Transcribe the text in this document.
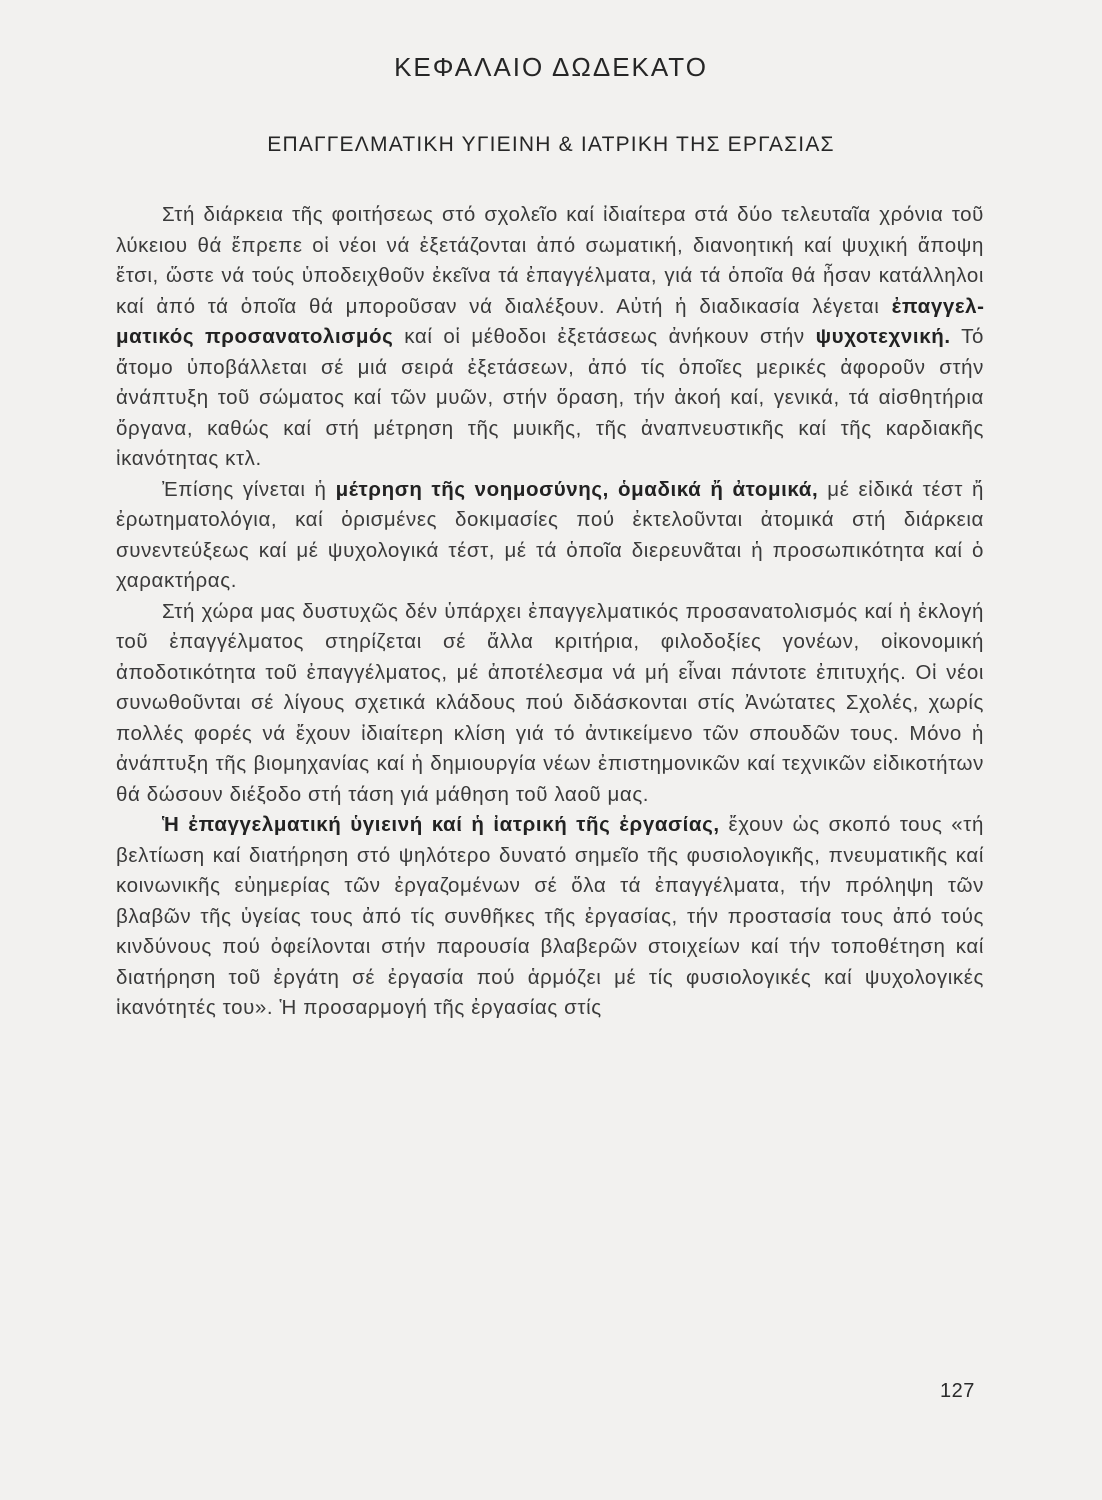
ΚΕΦΑΛΑΙΟ ΔΩΔΕΚΑΤΟ
ΕΠΑΓΓΕΛΜΑΤΙΚΗ ΥΓΙΕΙΝΗ & ΙΑΤΡΙΚΗ ΤΗΣ ΕΡΓΑΣΙΑΣ

Στή διάρκεια τῆς φοιτήσεως στό σχολεῖο καί ἰδιαίτερα στά δύο τελευταῖα χρόνια τοῦ λύκειου θά ἔπρεπε οἱ νέοι νά ἐξετάζονται ἀπό σωματική, διανοητική καί ψυχική ἄποψη ἔτσι, ὥστε νά τούς ὑποδειχθοῦν ἐκεῖνα τά ἐπαγγέλματα, γιά τά ὁποῖα θά ἦσαν κατάλληλοι καί ἀπό τά ὁποῖα θά μποροῦσαν νά διαλέξουν. Αὐτή ἡ διαδικασία λέγεται ἐπαγγελματικός προσανατολισμός καί οἱ μέθοδοι ἐξετάσεως ἀνήκουν στήν ψυχοτεχνική. Τό ἄτομο ὑποβάλλεται σέ μιά σειρά ἐξετάσεων, ἀπό τίς ὁποῖες μερικές ἀφοροῦν στήν ἀνάπτυξη τοῦ σώματος καί τῶν μυῶν, στήν ὅραση, τήν ἀκοή καί, γενικά, τά αἰσθητήρια ὄργανα, καθώς καί στή μέτρηση τῆς μυικῆς, τῆς ἀναπνευστικῆς καί τῆς καρδιακῆς ἱκανότητας κτλ.

Ἐπίσης γίνεται ἡ μέτρηση τῆς νοημοσύνης, ὁμαδικά ἤ ἀτομικά, μέ εἰδικά τέστ ἤ ἐρωτηματολόγια, καί ὁρισμένες δοκιμασίες πού ἐκτελοῦνται ἀτομικά στή διάρκεια συνεντεύξεως καί μέ ψυχολογικά τέστ, μέ τά ὁποῖα διερευνᾶται ἡ προσωπικότητα καί ὁ χαρακτήρας.

Στή χώρα μας δυστυχῶς δέν ὑπάρχει ἐπαγγελματικός προσανατολισμός καί ἡ ἐκλογή τοῦ ἐπαγγέλματος στηρίζεται σέ ἄλλα κριτήρια, φιλοδοξίες γονέων, οἰκονομική ἀποδοτικότητα τοῦ ἐπαγγέλματος, μέ ἀποτέλεσμα νά μή εἶναι πάντοτε ἐπιτυχής. Οἱ νέοι συνωθοῦνται σέ λίγους σχετικά κλάδους πού διδάσκονται στίς Ἀνώτατες Σχολές, χωρίς πολλές φορές νά ἔχουν ἰδιαίτερη κλίση γιά τό ἀντικείμενο τῶν σπουδῶν τους. Μόνο ἡ ἀνάπτυξη τῆς βιομηχανίας καί ἡ δημιουργία νέων ἐπιστημονικῶν καί τεχνικῶν εἰδικοτήτων θά δώσουν διέξοδο στή τάση γιά μάθηση τοῦ λαοῦ μας.

Ἡ ἐπαγγελματική ὑγιεινή καί ἡ ἰατρική τῆς ἐργασίας, ἔχουν ὡς σκοπό τους «τή βελτίωση καί διατήρηση στό ψηλότερο δυνατό σημεῖο τῆς φυσιολογικῆς, πνευματικῆς καί κοινωνικῆς εὐημερίας τῶν ἐργαζομένων σέ ὅλα τά ἐπαγγέλματα, τήν πρόληψη τῶν βλαβῶν τῆς ὑγείας τους ἀπό τίς συνθῆκες τῆς ἐργασίας, τήν προστασία τους ἀπό τούς κινδύνους πού ὀφείλονται στήν παρουσία βλαβερῶν στοιχείων καί τήν τοποθέτηση καί διατήρηση τοῦ ἐργάτη σέ ἐργασία πού ἁρμόζει μέ τίς φυσιολογικές καί ψυχολογικές ἱκανότητές του». Ἡ προσαρμογή τῆς ἐργασίας στίς

127
